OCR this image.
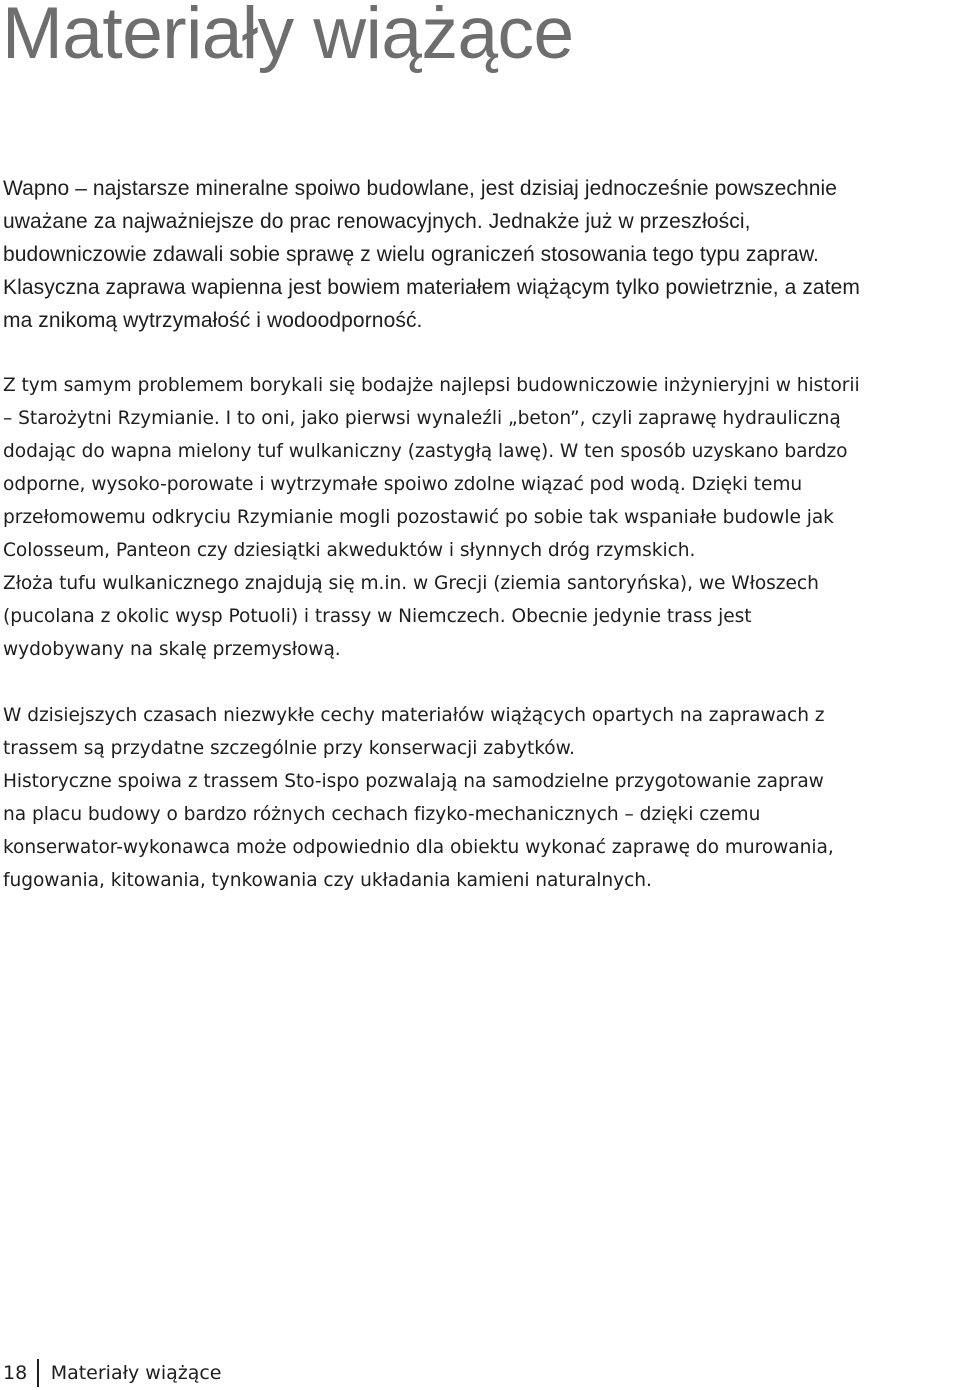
Materiały wiążące

Wapno – najstarsze mineralne spoiwo budowlane, jest dzisiaj jednocześnie powszechnie
uważane za najważniejsze do prac renowacyjnych. Jednakże już w przeszłości,
budowniczowie zdawali sobie sprawę z wielu ograniczeń stosowania tego typu zapraw.
Klasyczna zaprawa wapienna jest bowiem materiałem wiążącym tylko powietrznie, a zatem
ma znikomą wytrzymałość i wodoodporność.

Z tym samym problemem borykali się bodajże najlepsi budowniczowie inżynieryjni w historii
– Starożytni Rzymianie. I to oni, jako pierwsi wynaleźli „beton”, czyli zaprawę hydrauliczną
dodając do wapna mielony tuf wulkaniczny (zastygłą lawę). W ten sposób uzyskano bardzo
odporne, wysoko-porowate i wytrzymałe spoiwo zdolne wiązać pod wodą. Dzięki temu
przełomowemu odkryciu Rzymianie mogli pozostawić po sobie tak wspaniałe budowle jak
Colosseum, Panteon czy dziesiątki akweduktów i słynnych dróg rzymskich.
Złoża tufu wulkanicznego znajdują się m.in. w Grecji (ziemia santoryńska), we Włoszech
(pucolana z okolic wysp Potuoli) i trassy w Niemczech. Obecnie jedynie trass jest
wydobywany na skalę przemysłową.

W dzisiejszych czasach niezwykłe cechy materiałów wiążących opartych na zaprawach z
trassem są przydatne szczególnie przy konserwacji zabytków.
Historyczne spoiwa z trassem Sto-ispo pozwalają na samodzielne przygotowanie zapraw
na placu budowy o bardzo różnych cechach fizyko-mechanicznych – dzięki czemu
konserwator-wykonawca może odpowiednio dla obiektu wykonać zaprawę do murowania,
fugowania, kitowania, tynkowania czy układania kamieni naturalnych.

18 Materiały wiążące
